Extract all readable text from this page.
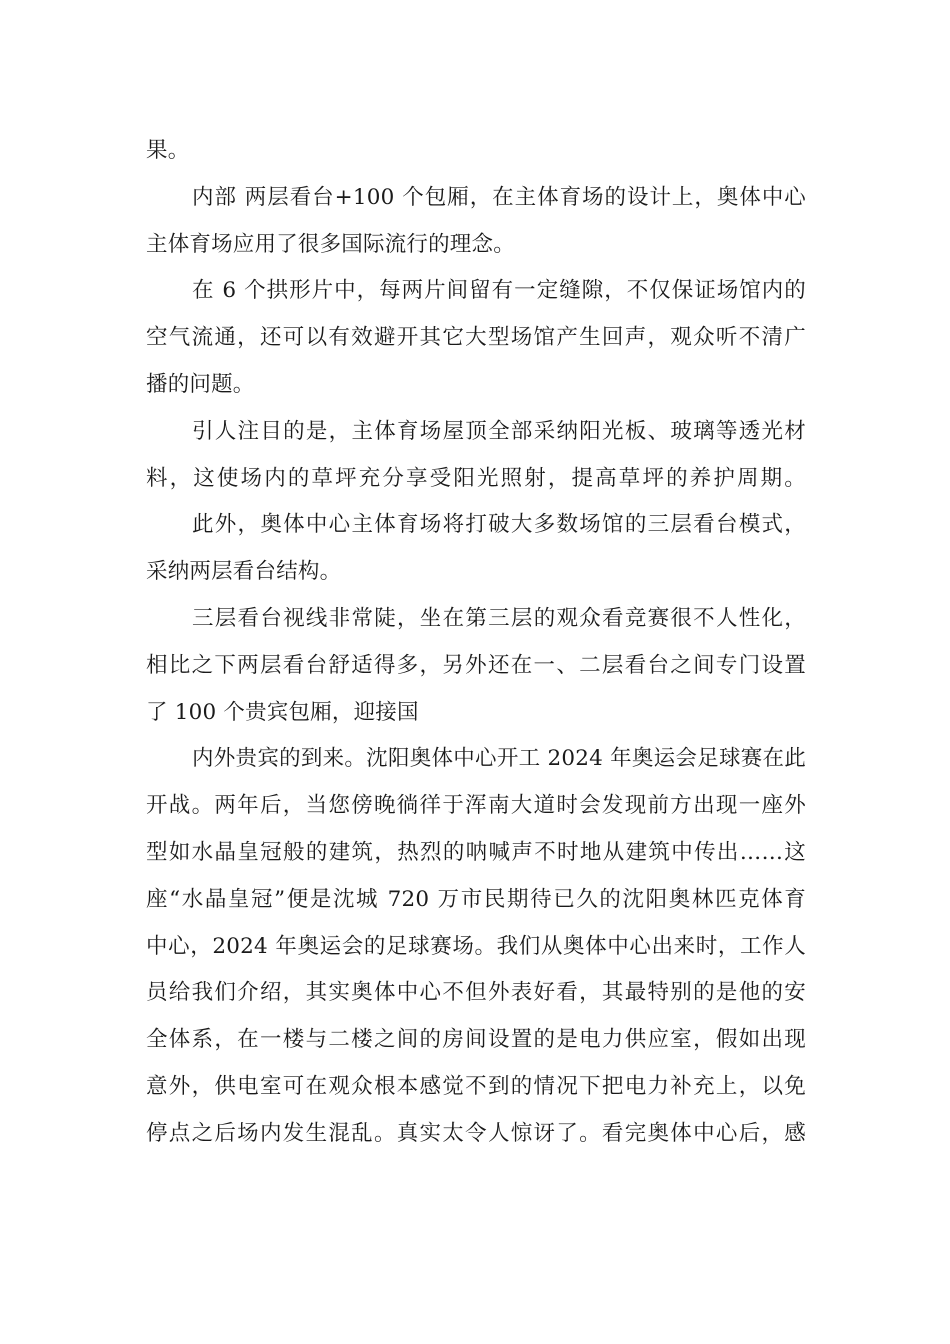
果。
内部 两层看台+100 个包厢，在主体育场的设计上，奥体中心
主体育场应用了很多国际流行的理念。
在 6 个拱形片中，每两片间留有一定缝隙，不仅保证场馆内的
空气流通，还可以有效避开其它大型场馆产生回声，观众听不清广
播的问题。
引人注目的是，主体育场屋顶全部采纳阳光板、玻璃等透光材
料，这使场内的草坪充分享受阳光照射，提高草坪的养护周期。
此外，奥体中心主体育场将打破大多数场馆的三层看台模式，
采纳两层看台结构。
三层看台视线非常陡，坐在第三层的观众看竞赛很不人性化，
相比之下两层看台舒适得多，另外还在一、二层看台之间专门设置
了 100 个贵宾包厢，迎接国
内外贵宾的到来。沈阳奥体中心开工 2024 年奥运会足球赛在此
开战。两年后，当您傍晚徜徉于浑南大道时会发现前方出现一座外
型如水晶皇冠般的建筑，热烈的呐喊声不时地从建筑中传出……这
座“水晶皇冠”便是沈城 720 万市民期待已久的沈阳奥林匹克体育
中心，2024 年奥运会的足球赛场。我们从奥体中心出来时，工作人
员给我们介绍，其实奥体中心不但外表好看，其最特别的是他的安
全体系，在一楼与二楼之间的房间设置的是电力供应室，假如出现
意外，供电室可在观众根本感觉不到的情况下把电力补充上，以免
停点之后场内发生混乱。真实太令人惊讶了。看完奥体中心后，感
